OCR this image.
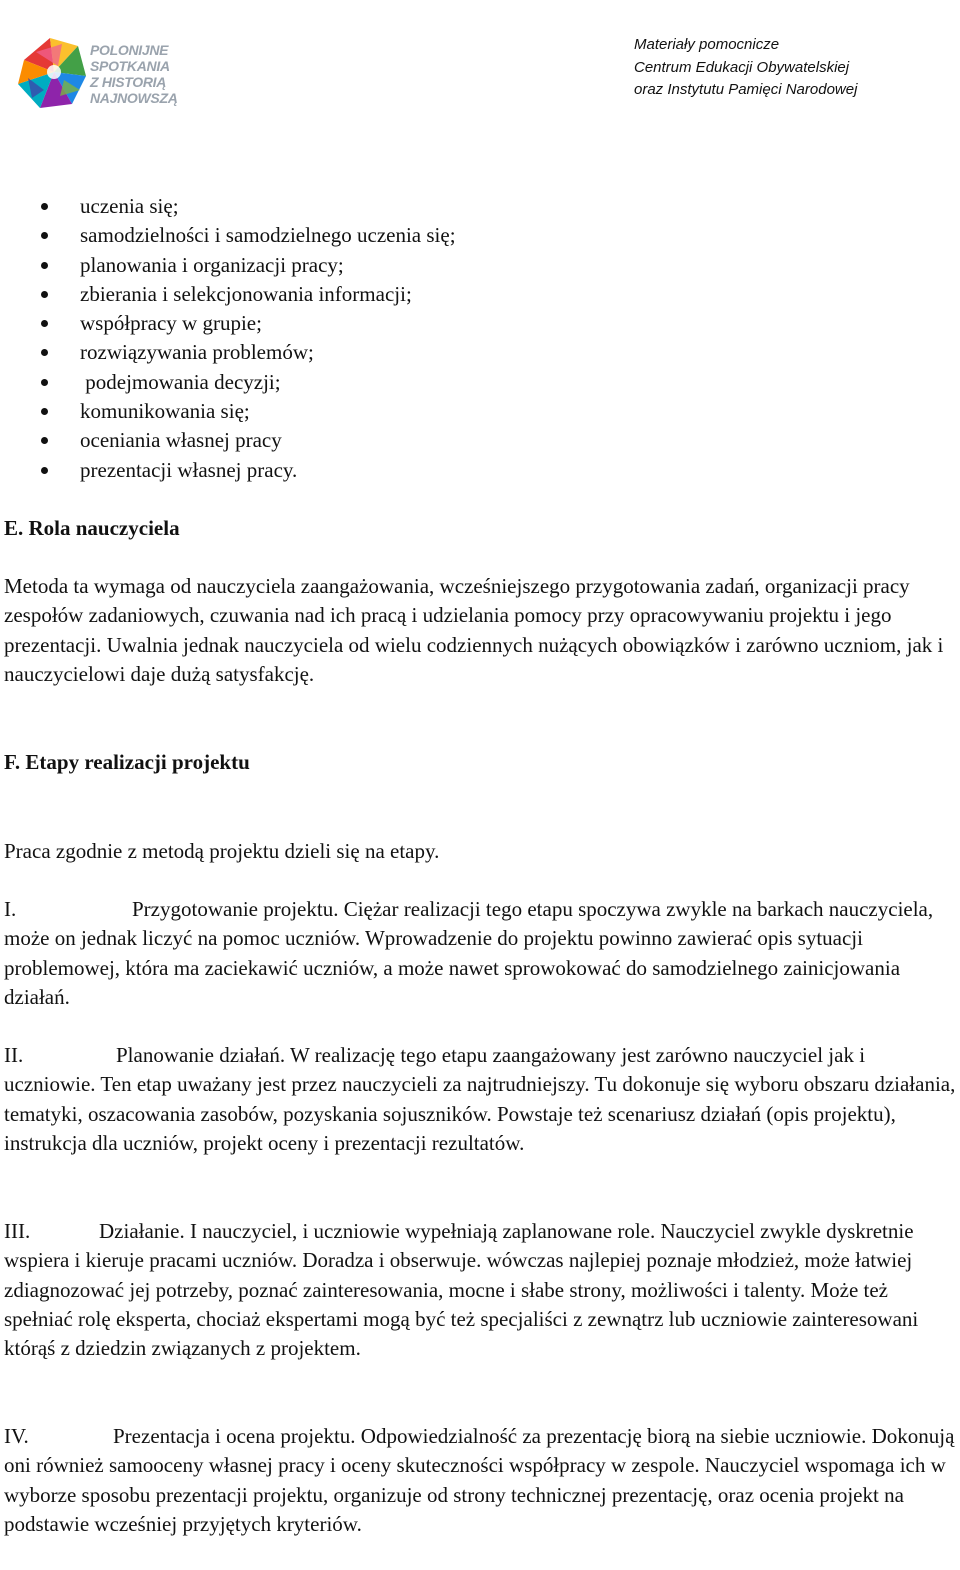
POLONIJNE
SPOTKANIA
Z HISTORIĄ
NAJNOWSZĄ
Materiały pomocnicze
Centrum Edukacji Obywatelskiej
oraz Instytutu Pamięci Narodowej
uczenia się;
samodzielności i samodzielnego uczenia się;
planowania i organizacji pracy;
zbierania i selekcjonowania informacji;
współpracy w grupie;
rozwiązywania problemów;
podejmowania decyzji;
komunikowania się;
oceniania własnej pracy
prezentacji własnej pracy.
E. Rola nauczyciela

Metoda ta wymaga od nauczyciela zaangażowania, wcześniejszego przygotowania zadań, organizacji pracy zespołów zadaniowych, czuwania nad ich pracą i udzielania pomocy przy opracowywaniu projektu i jego prezentacji. Uwalnia jednak nauczyciela od wielu codziennych nużących obowiązków i zarówno uczniom, jak i nauczycielowi daje dużą satysfakcję.

F. Etapy realizacji projektu

Praca zgodnie z metodą projektu dzieli się na etapy.

I.	Przygotowanie projektu. Ciężar realizacji tego etapu spoczywa zwykle na barkach nauczyciela, może on jednak liczyć na pomoc uczniów. Wprowadzenie do projektu powinno zawierać opis sytuacji problemowej, która ma zaciekawić uczniów, a może nawet sprowokować do samodzielnego zainicjowania działań.

II.	Planowanie działań. W realizację tego etapu zaangażowany jest zarówno nauczyciel jak i uczniowie. Ten etap uważany jest przez nauczycieli za najtrudniejszy. Tu dokonuje się wyboru obszaru działania, tematyki, oszacowania zasobów, pozyskania sojuszników. Powstaje też scenariusz działań (opis projektu), instrukcja dla uczniów, projekt oceny i prezentacji rezultatów.

III.	Działanie. I nauczyciel, i uczniowie wypełniają zaplanowane role. Nauczyciel zwykle dyskretnie wspiera i kieruje pracami uczniów. Doradza i obserwuje. wówczas najlepiej poznaje młodzież, może łatwiej zdiagnozować jej potrzeby, poznać zainteresowania, mocne i słabe strony, możliwości i talenty. Może też spełniać rolę eksperta, chociaż ekspertami mogą być też specjaliści z zewnątrz lub uczniowie zainteresowani którąś z dziedzin związanych z projektem.

IV.	Prezentacja i ocena projektu. Odpowiedzialność za prezentację biorą na siebie uczniowie. Dokonują oni również samooceny własnej pracy i oceny skuteczności współpracy w zespole. Nauczyciel wspomaga ich w wyborze sposobu prezentacji projektu, organizuje od strony technicznej prezentację, oraz ocenia projekt na podstawie wcześniej przyjętych kryteriów.
